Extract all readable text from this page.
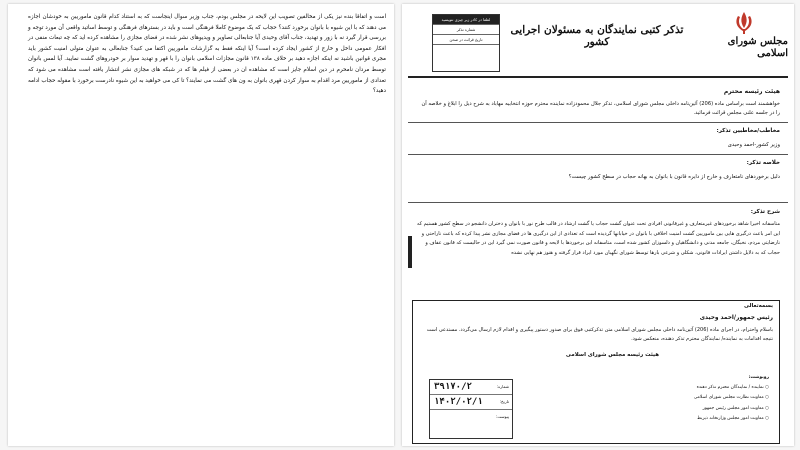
است و اتفاقا بنده نیز یکی از مخالفین تصویب این لایحه در مجلس بودم، جناب وزیر سوال اینجاست که به استناد کدام قانون ماموریین به خودشان اجازه می دهند که با این شیوه با بانوان برخورد کنند؟ حجاب که یک موضوع کاملا فرهنگی است و باید در بسترهای فرهنگی و توسط اساتید واقعی آن مورد توجه و بررسی قرار گیرد نه با زور و تهدید، جناب آقای وحیدی آیا جنابعالی تصاویر و ویدیوهای نشر شده در فضای مجازی را مشاهده کرده اید که چه تبعات منفی در افکار عمومی داخل و خارج از کشور ایجاد کرده است؟ آیا اینکه فقط به گزارشات ماموریین اکتفا می کنید؟ جنابعالی به عنوان متولی امنیت کشور باید مجری قوانین باشید نه اینکه اجازه دهید بر خلاف ماده ۱۳۸ قانون مجازات اسلامی بانوان را با قهر و تهدید سوار بر خودروهای گشت نمایید. آیا لمس بانوان توسط مردان نامحرم در دین اسلام جایز است که مشاهده ان در بعضی از فیلم ها که در شبکه های مجازی نشر انتشار یافته است مشاهده می شود که تعدادی از ماموریین مرد اقدام به سوار کردن قهری بانوان به ون های گشت می نمایند؟ تا کی می خواهید به این شیوه نادرست برخورد با مقوله حجاب ادامه دهید؟
لطفا در کادر زیر چیزی ننویسید
شماره تذکر
تاریخ قرائت در صحن
تذکر کتبی نمایندگان به مسئولان اجرایی کشور	مجلس شورای اسلامی
هیئت رئیسه محترم
خواهشمند است براساس ماده (206) آئین‌نامه داخلی مجلس شورای اسلامی، تذکر جلال محمودزاده نماینده محترم حوزه انتخابیه مهاباد به شرح ذیل را ابلاغ و خلاصه آن را در جلسه علنی مجلس قرائت فرمائید.
مخاطب/مخاطبین تذکر:
وزیر کشور-احمد وحیدی
خلاصه تذکر:
دلیل برخوردهای نامتعارف و خارج از دایره قانون با بانوان به بهانه حجاب در سطح کشور چیست؟
شرح تذکر:
متاسفانه اخیرا شاهد برخوردهای غیرمتعارف و غیرقانونی افرادی تحت عنوان گشت حجاب یا گشت ارشاد در قالب طرح نور با بانوان و دختران دانشجو در سطح کشور هستیم که این امر باعث درگیری هایی بین ماموریین گشت امنیت اخلاقی با بانوان در خیابانها گردیده است که تعدادی از این درگیری ها در فضای مجازی نشر پیدا کرده که باعث ناراحتی و نارضایتی مردم، نخبگان، جامعه مدنی و دانشگاهیان و دلسوزان کشور شده است، متاسفانه این برخوردها با لایحه و قانون صورت نمی گیرد این در حالیست که قانون عفاف و حجاب که به دلایل داشتن ایرادات قانونی، شکلی و شرعی بارها توسط شورای نگهبان مورد ایراد قرار گرفته و هنوز هم نهایی نشده
بسمه‌تعالی
رئیس جمهور/احمد وحیدی
باسلام واحترام، در اجرای ماده (206) آئین‌نامه داخلی مجلس شورای اسلامی متن تذکرکتبی فوق برای صدور دستور پیگیری و اقدام لازم ارسال می‌گردد. مستدعی است نتیجه اقدامات به نماینده/ نمایندگان محترم تذکر دهنده، منعکس شود.
هیئت رئیسه مجلس شورای اسلامی
رونوشت:
○ نماینده / نمایندگان محترم تذکر دهنده
○ معاونت نظارت مجلس شورای اسلامی
○ معاونت امور مجلس رئیس جمهور
○ معاونت امور مجلس وزارتخانه ذیربط
شماره:
۳۹۱۷۰/۲
تاریخ:
۱۴۰۲/۰۲/۱
پیوست:
